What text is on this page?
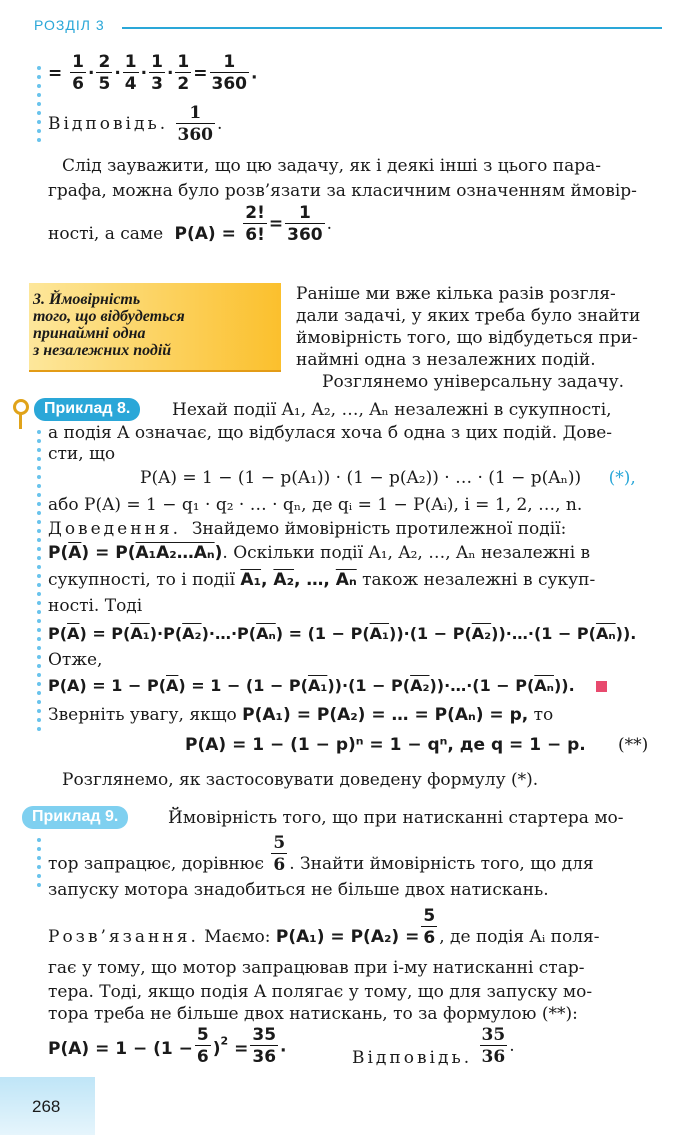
РОЗДІЛ 3
= $\frac{1}{6} \cdot \frac{2}{5} \cdot \frac{1}{4} \cdot \frac{1}{3} \cdot \frac{1}{2} = \frac{1}{360}$ .
Відповідь. $\frac{1}{360}$ .
Слід зауважити, що цю задачу, як і деякі інші з цього пара-
графа, можна було розв’язати за класичним означенням ймовір-
ності, а саме  $P(A) = \frac{2!}{6!} = \frac{1}{360}$ .
3. Ймовірність
того, що відбудеться
принаймні одна
з незалежних подій
Раніше ми вже кілька разів розгля-
дали задачі, у яких треба було знайти
ймовірність того, що відбудеться при-
наймні одна з незалежних подій.
Розглянемо універсальну задачу.
Приклад 8.	Нехай події A₁, A₂, …, Aₙ незалежні в сукупності,
а подія A означає, що відбулася хоча б одна з цих подій. Дове-
сти, що
P(A) = 1 − (1 − p(A₁)) · (1 − p(A₂)) · … · (1 − p(Aₙ)) (*),
або P(A) = 1 − q₁ · q₂ · … · qₙ, де qᵢ = 1 − P(Aᵢ), i = 1, 2, …, n.
Доведення. Знайдемо ймовірність протилежної події:
$P(\overline{A})$ = P(A₁A₂…Aₙ). Оскільки події A₁, A₂, …, Aₙ незалежні в
сукупності, то і події A₁, A₂, …, $\overline{A_n}$ також незалежні в сукуп-
ності. Тоді
$P(\overline{A})$ = $P(A_1)\cdot P(A_2)\cdot\dots\cdot P(\overline{A_n}) = (1 - P(A_1))\cdot(1$ − P(A₂))·…·(1 − $P(\overline{A_n})$).
Отже,
$P(A) = 1 - P(\overline{A}) = 1 - (1 - P(A_1))\cdot(1$ − P(A₂))·…·(1 − $P(\overline{A_n})$).
Зверніть увагу, якщо P(A₁) = P(A₂) = … = P(Aₙ) = p, то
P(A) = 1 − (1 − p)ⁿ = 1 − qⁿ, де q = 1 − p. (**)
Розглянемо, як застосовувати доведену формулу (*).
Приклад 9.	Ймовірність того, що при натисканні стартера мо-
тор запрацює, дорівнює $\frac{5}{6}$ . Знайти ймовірність того, що для
запуску мотора знадобиться не більше двох натискань.
Розв’язання. Маємо: $P(A_1) = P(A_2) = \frac{5}{6}$ , де подія Aᵢ поля-
гає у тому, що мотор запрацював при i-му натисканні стар-
тера. Тоді, якщо подія A полягає у тому, що для запуску мо-
тора треба не більше двох натискань, то за формулою (**):
$P(A) = 1 - (1 - \frac{5}{6} )^2 = \frac{35}{36}$ .
Відповідь. $\frac{35}{36}$ .
268
